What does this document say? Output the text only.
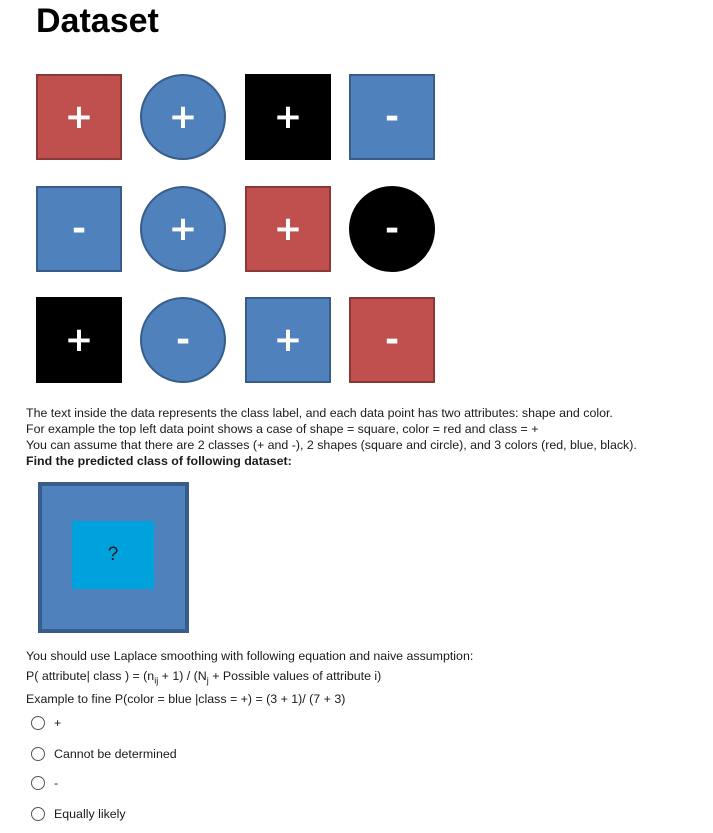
Dataset
+ + + -
- + + -
+ - + -
The text inside the data represents the class label, and each data point has two attributes: shape and color.
For example the top left data point shows a case of shape = square, color = red and class = +
You can assume that there are 2 classes (+ and -), 2 shapes (square and circle), and 3 colors (red, blue, black).
Find the predicted class of following dataset:
?
You should use Laplace smoothing with following equation and naive assumption:
P( attribute| class ) = $(n_{ij} + 1) / (N_j$ + Possible values of attribute i)
Example to fine P(color = blue |class = +) = (3 + 1)/ (7 + 3)
+
Cannot be determined
-
Equally likely
